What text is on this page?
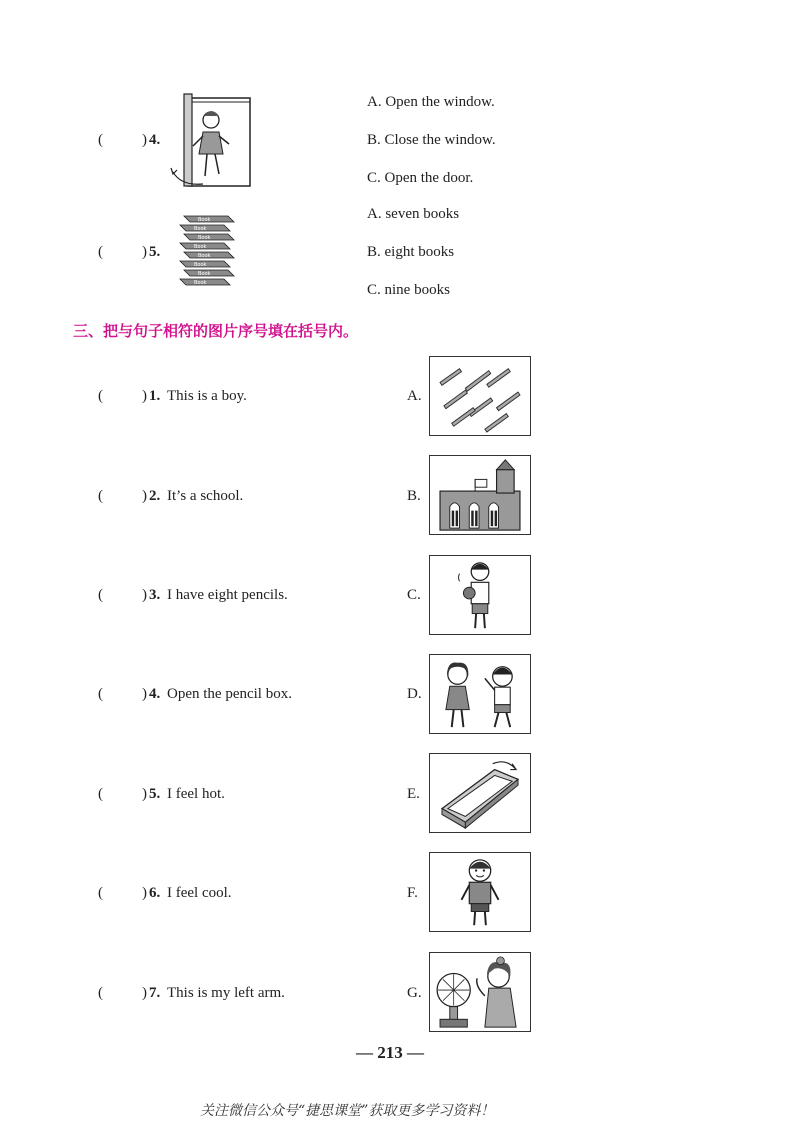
(	) 4.
A. Open the window.
B. Close the window.
C. Open the door.
(	) 5.
Book
Book
Book
Book
Book
Book
Book
Book
A. seven books
B. eight books
C. nine books
三、把与句子相符的图片序号填在括号内。
(	) 1. This is a boy.	A.
(	) 2. It’s a school.	B.
(	) 3. I have eight pencils.	C.
(	) 4. Open the pencil box.	D.
(	) 5. I feel hot.	E.
(	) 6. I feel cool.	F.
(	) 7. This is my left arm.	G.
— 213 —
关注微信公众号“捷思课堂”获取更多学习资料！
